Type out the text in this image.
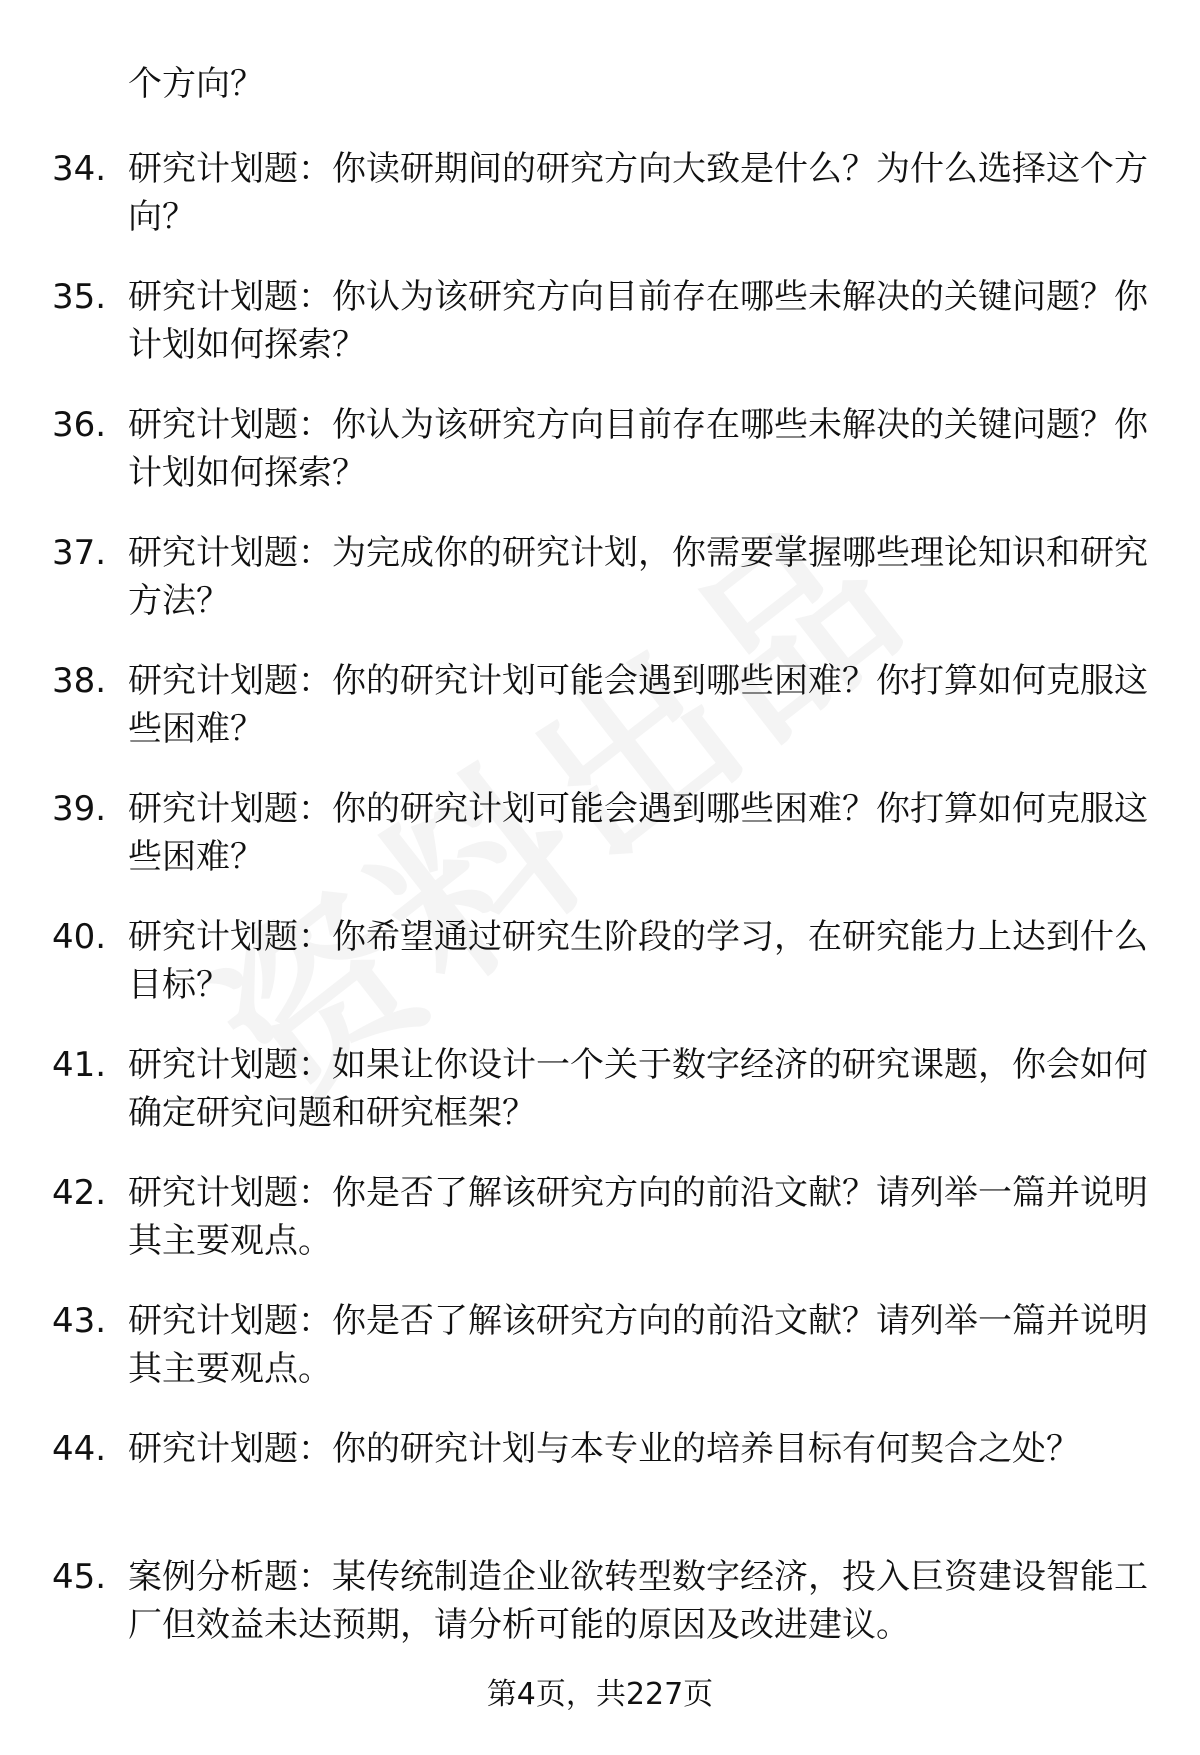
个方向？
34. 研究计划题：你读研期间的研究方向大致是什么？为什么选择这个方向？
35. 研究计划题：你认为该研究方向目前存在哪些未解决的关键问题？你计划如何探索？
36. 研究计划题：你认为该研究方向目前存在哪些未解决的关键问题？你计划如何探索？
37. 研究计划题：为完成你的研究计划，你需要掌握哪些理论知识和研究方法？
38. 研究计划题：你的研究计划可能会遇到哪些困难？你打算如何克服这些困难？
39. 研究计划题：你的研究计划可能会遇到哪些困难？你打算如何克服这些困难？
40. 研究计划题：你希望通过研究生阶段的学习，在研究能力上达到什么目标？
41. 研究计划题：如果让你设计一个关于数字经济的研究课题，你会如何确定研究问题和研究框架？
42. 研究计划题：你是否了解该研究方向的前沿文献？请列举一篇并说明其主要观点。
43. 研究计划题：你是否了解该研究方向的前沿文献？请列举一篇并说明其主要观点。
44. 研究计划题：你的研究计划与本专业的培养目标有何契合之处？
45. 案例分析题：某传统制造企业欲转型数字经济，投入巨资建设智能工厂但效益未达预期，请分析可能的原因及改进建议。
第4页，共227页
